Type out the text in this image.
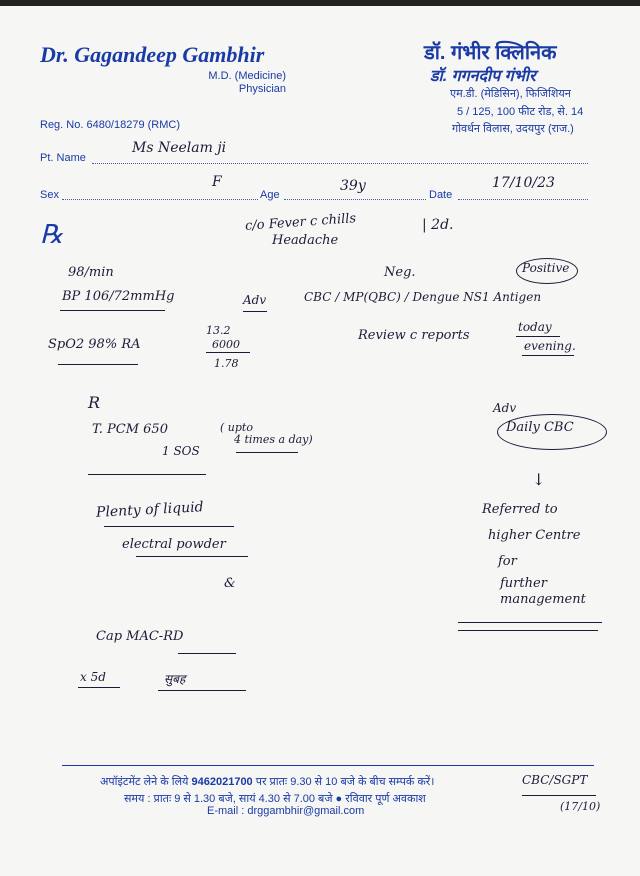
Dr. Gagandeep Gambhir
M.D. (Medicine)
Physician
Reg. No. 6480/18279 (RMC)
डॉ. गंभीर क्लिनिक
डॉ. गगनदीप गंभीर
एम.डी. (मेडिसिन), फिजिशियन
5 / 125, 100 फीट रोड, से. 14
गोवर्धन विलास, उदयपुर (राज.)
Pt. Name
Ms Neelam ji
Sex
F
Age
39y
Date
17/10/23
℞	c/o Fever c chills
Headache
| 2d.
98/min
BP 106/72mmHg
SpO2 98% RA
Neg.	Positive
Adv	CBC / MP(QBC) / Dengue NS1 Antigen
13.2
6000
1.78
Review c reports
today
evening.
R
T. PCM 650
1 SOS
( upto
4 times a day)
Adv
Daily CBC
↓
Referred to
higher Centre
for
further
management
Plenty of liquid
electral powder
&
Cap MAC-RD
x 5d	सुबह
अपॉइंटमेंट लेने के लिये 9462021700 पर प्रातः 9.30 से 10 बजे के बीच सम्पर्क करें।
समय : प्रातः 9 से 1.30 बजे, सायं 4.30 से 7.00 बजे ● रविवार पूर्ण अवकाश
E-mail : drggambhir@gmail.com
CBC/SGPT
(17/10)
